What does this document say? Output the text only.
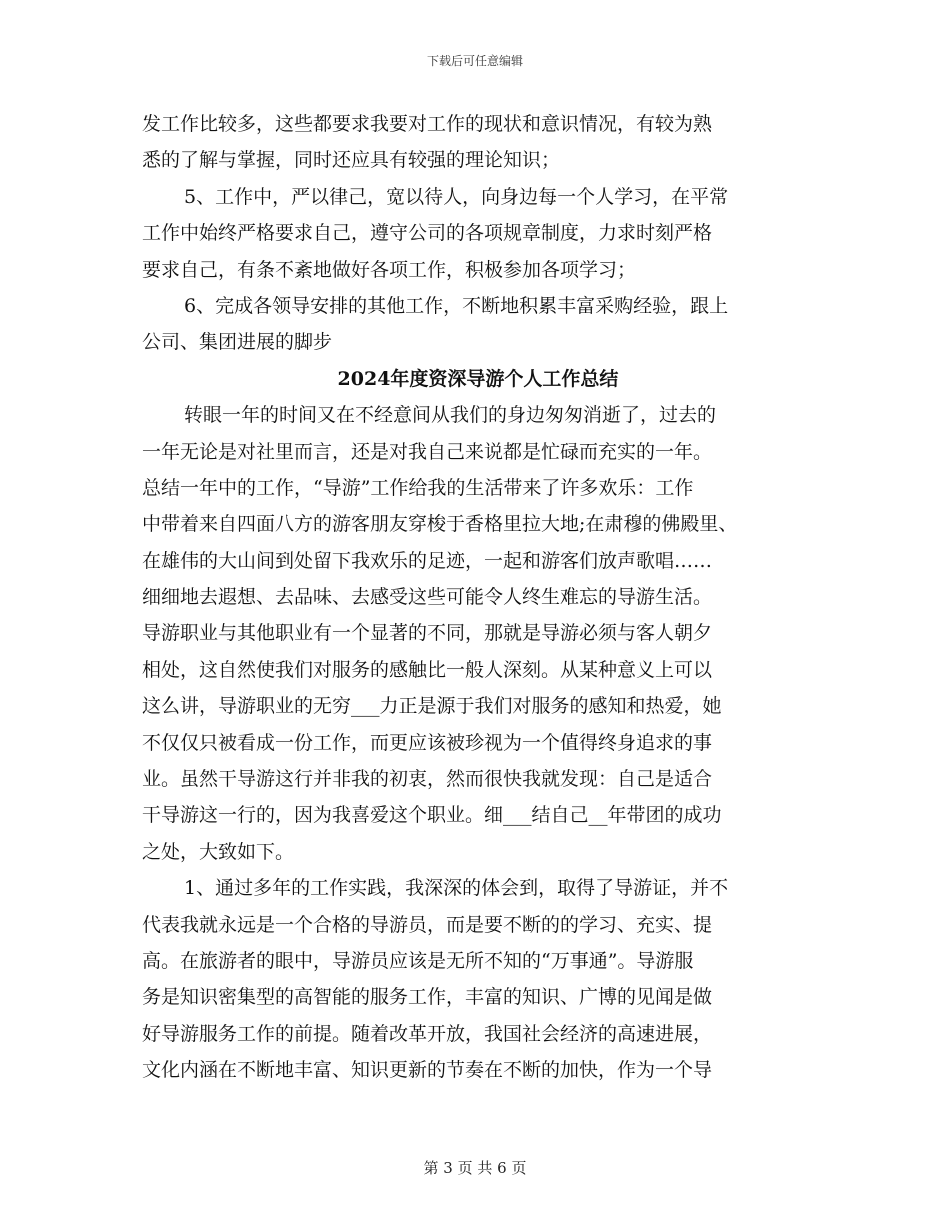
下载后可任意编辑
发工作比较多，这些都要求我要对工作的现状和意识情况，有较为熟
悉的了解与掌握，同时还应具有较强的理论知识；
5、工作中，严以律己，宽以待人，向身边每一个人学习，在平常
工作中始终严格要求自己，遵守公司的各项规章制度，力求时刻严格
要求自己，有条不紊地做好各项工作，积极参加各项学习；
6、完成各领导安排的其他工作，不断地积累丰富采购经验，跟上
公司、集团进展的脚步
2024年度资深导游个人工作总结
转眼一年的时间又在不经意间从我们的身边匆匆消逝了，过去的
一年无论是对社里而言，还是对我自己来说都是忙碌而充实的一年。
总结一年中的工作，“导游”工作给我的生活带来了许多欢乐：工作
中带着来自四面八方的游客朋友穿梭于香格里拉大地;在肃穆的佛殿里、
在雄伟的大山间到处留下我欢乐的足迹，一起和游客们放声歌唱……
细细地去遐想、去品味、去感受这些可能令人终生难忘的导游生活。
导游职业与其他职业有一个显著的不同，那就是导游必须与客人朝夕
相处，这自然使我们对服务的感触比一般人深刻。从某种意义上可以
这么讲，导游职业的无穷___力正是源于我们对服务的感知和热爱，她
不仅仅只被看成一份工作，而更应该被珍视为一个值得终身追求的事
业。虽然干导游这行并非我的初衷，然而很快我就发现：自己是适合
干导游这一行的，因为我喜爱这个职业。细___结自己__年带团的成功
之处，大致如下。
1、通过多年的工作实践，我深深的体会到，取得了导游证，并不
代表我就永远是一个合格的导游员，而是要不断的的学习、充实、提
高。在旅游者的眼中，导游员应该是无所不知的“万事通”。导游服
务是知识密集型的高智能的服务工作，丰富的知识、广博的见闻是做
好导游服务工作的前提。随着改革开放，我国社会经济的高速进展，
文化内涵在不断地丰富、知识更新的节奏在不断的加快，作为一个导
第 3 页 共 6 页
